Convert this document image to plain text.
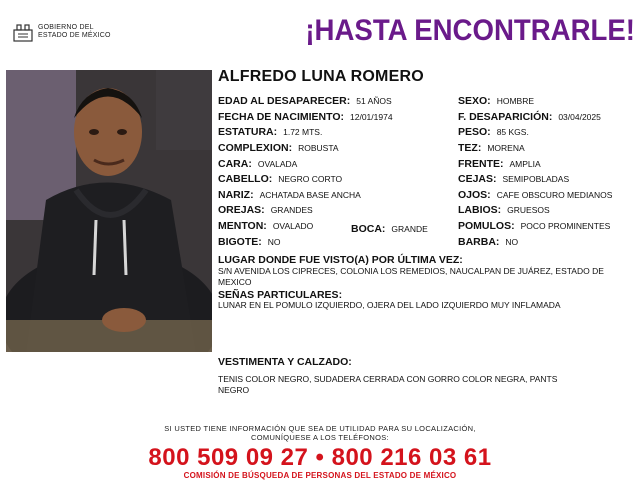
GOBIERNO DEL
ESTADO DE MÉXICO	¡HASTA ENCONTRARLE!
ALFREDO LUNA ROMERO
EDAD AL DESAPARECER: 51 AÑOS
FECHA DE NACIMIENTO: 12/01/1974
ESTATURA: 1.72 MTS.
COMPLEXION: ROBUSTA
CARA: OVALADA
CABELLO: NEGRO CORTO
NARIZ: ACHATADA BASE ANCHA
OREJAS: GRANDES
MENTON: OVALADO	BOCA: GRANDE
BIGOTE: NO
SEXO: HOMBRE
F. DESAPARICIÓN: 03/04/2025
PESO: 85 KGS.
TEZ: MORENA
FRENTE: AMPLIA
CEJAS: SEMIPOBLADAS
OJOS: CAFE OBSCURO MEDIANOS
LABIOS: GRUESOS
POMULOS: POCO PROMINENTES
BARBA: NO
LUGAR DONDE FUE VISTO(A) POR ÚLTIMA VEZ:
S/N AVENIDA LOS CIPRECES, COLONIA LOS REMEDIOS, NAUCALPAN DE JUÁREZ, ESTADO DE MEXICO
SEÑAS PARTICULARES:
LUNAR EN EL POMULO IZQUIERDO, OJERA DEL LADO IZQUIERDO MUY INFLAMADA
VESTIMENTA Y CALZADO:
TENIS COLOR NEGRO, SUDADERA CERRADA CON GORRO COLOR NEGRA, PANTS NEGRO
SI USTED TIENE INFORMACIÓN QUE SEA DE UTILIDAD PARA SU LOCALIZACIÓN,
COMUNÍQUESE A LOS TELÉFONOS:
800 509 09 27 • 800 216 03 61
COMISIÓN DE BÚSQUEDA DE PERSONAS DEL ESTADO DE MÉXICO
